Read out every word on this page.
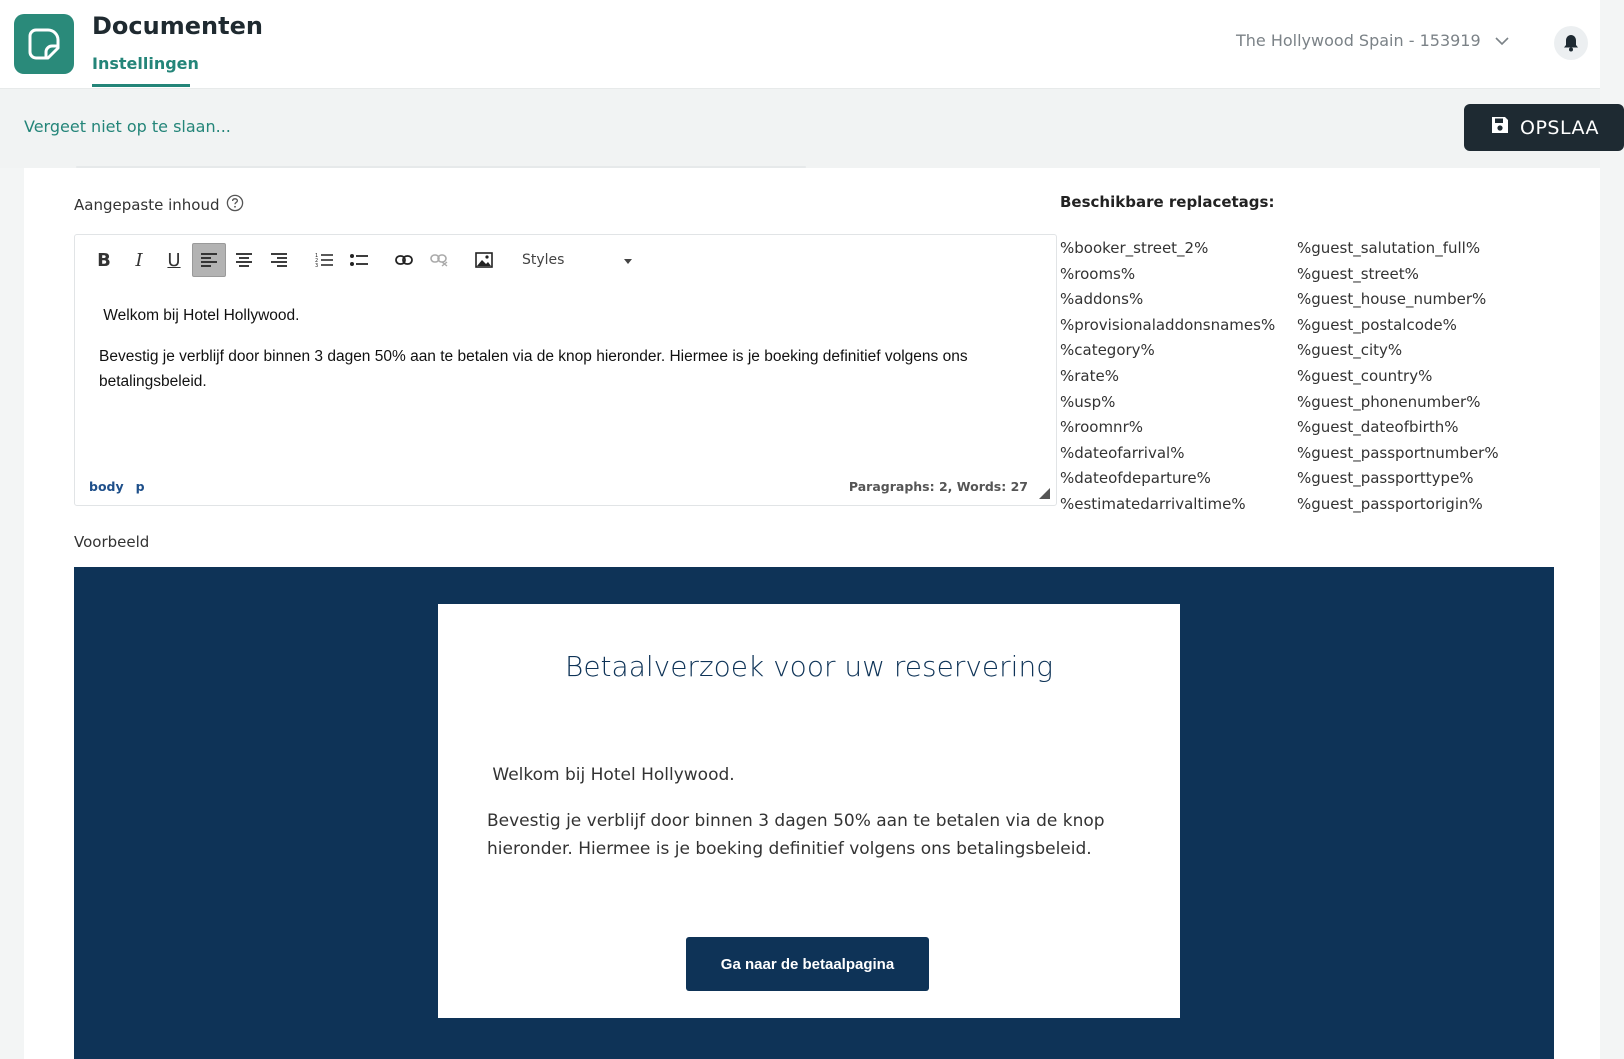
Documenten
Instellingen
The Hollywood Spain - 153919
Vergeet niet op te slaan...	OPSLAA
Aangepaste inhoud
B	I	U	1
2
3	Styles

Welkom bij Hotel Hollywood.

Bevestig je verblijf door binnen 3 dagen 50% aan te betalen via de knop hieronder. Hiermee is je boeking definitief volgens ons betalingsbeleid.

body p	Paragraphs: 2, Words: 27
Beschikbare replacetags:
%booker_street_2%
%rooms%
%addons%
%provisionaladdonsnames%
%category%
%rate%
%usp%
%roomnr%
%dateofarrival%
%dateofdeparture%
%estimatedarrivaltime%
%guest_salutation_full%
%guest_street%
%guest_house_number%
%guest_postalcode%
%guest_city%
%guest_country%
%guest_phonenumber%
%guest_dateofbirth%
%guest_passportnumber%
%guest_passporttype%
%guest_passportorigin%
Voorbeeld
Betaalverzoek voor uw reservering

Welkom bij Hotel Hollywood.

Bevestig je verblijf door binnen 3 dagen 50% aan te betalen via de knop hieronder. Hiermee is je boeking definitief volgens ons betalingsbeleid.

Ga naar de betaalpagina
